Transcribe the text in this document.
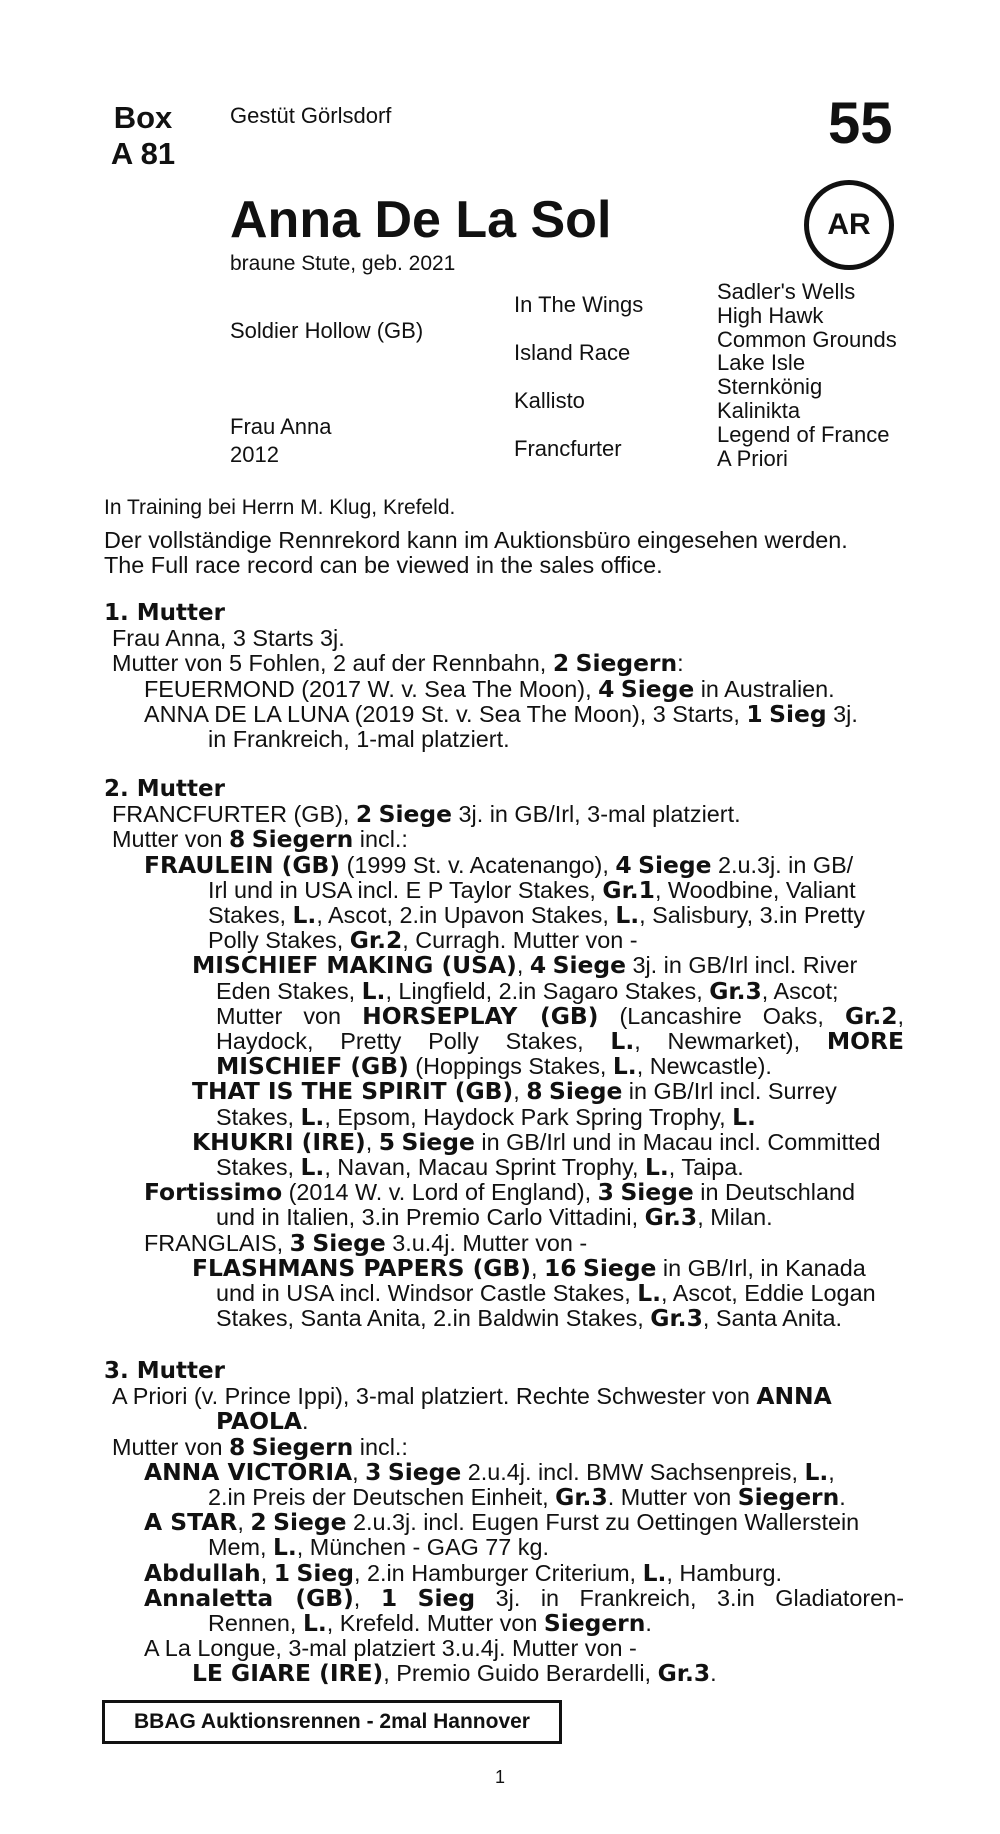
Box
A 81
Gestüt Görlsdorf	55
AR
Anna De La Sol
braune Stute, geb. 2021
Soldier Hollow (GB)
Frau Anna
2012
In The Wings
Island Race
Kallisto
Francfurter
Sadler's Wells
High Hawk
Common Grounds
Lake Isle
Sternkönig
Kalinikta
Legend of France
A Priori
In Training bei Herrn M. Klug, Krefeld.
Der vollständige Rennrekord kann im Auktionsbüro eingesehen werden.
The Full race record can be viewed in the sales office.
1. Mutter
Frau Anna, 3 Starts 3j.
Mutter von 5 Fohlen, 2 auf der Rennbahn, 2 Siegern:
FEUERMOND (2017 W. v. Sea The Moon), 4 Siege in Australien.
ANNA DE LA LUNA (2019 St. v. Sea The Moon), 3 Starts, 1 Sieg 3j.
in Frankreich, 1-mal platziert.
2. Mutter
FRANCFURTER (GB), 2 Siege 3j. in GB/Irl, 3-mal platziert.
Mutter von 8 Siegern incl.:
FRAULEIN (GB) (1999 St. v. Acatenango), 4 Siege 2.u.3j. in GB/
Irl und in USA incl. E P Taylor Stakes, Gr.1, Woodbine, Valiant
Stakes, L., Ascot, 2.in Upavon Stakes, L., Salisbury, 3.in Pretty
Polly Stakes, Gr.2, Curragh. Mutter von -
MISCHIEF MAKING (USA), 4 Siege 3j. in GB/Irl incl. River
Eden Stakes, L., Lingfield, 2.in Sagaro Stakes, Gr.3, Ascot;
Mutter von HORSEPLAY (GB) (Lancashire Oaks, Gr.2,
Haydock, Pretty Polly Stakes, L., Newmarket), MORE
MISCHIEF (GB) (Hoppings Stakes, L., Newcastle).
THAT IS THE SPIRIT (GB), 8 Siege in GB/Irl incl. Surrey
Stakes, L., Epsom, Haydock Park Spring Trophy, L.
KHUKRI (IRE), 5 Siege in GB/Irl und in Macau incl. Committed
Stakes, L., Navan, Macau Sprint Trophy, L., Taipa.
Fortissimo (2014 W. v. Lord of England), 3 Siege in Deutschland
und in Italien, 3.in Premio Carlo Vittadini, Gr.3, Milan.
FRANGLAIS, 3 Siege 3.u.4j. Mutter von -
FLASHMANS PAPERS (GB), 16 Siege in GB/Irl, in Kanada
und in USA incl. Windsor Castle Stakes, L., Ascot, Eddie Logan
Stakes, Santa Anita, 2.in Baldwin Stakes, Gr.3, Santa Anita.
3. Mutter
A Priori (v. Prince Ippi), 3-mal platziert. Rechte Schwester von ANNA
PAOLA.
Mutter von 8 Siegern incl.:
ANNA VICTORIA, 3 Siege 2.u.4j. incl. BMW Sachsenpreis, L.,
2.in Preis der Deutschen Einheit, Gr.3. Mutter von Siegern.
A STAR, 2 Siege 2.u.3j. incl. Eugen Furst zu Oettingen Wallerstein
Mem, L., München - GAG 77 kg.
Abdullah, 1 Sieg, 2.in Hamburger Criterium, L., Hamburg.
Annaletta (GB), 1 Sieg 3j. in Frankreich, 3.in Gladiatoren-
Rennen, L., Krefeld. Mutter von Siegern.
A La Longue, 3-mal platziert 3.u.4j. Mutter von -
LE GIARE (IRE), Premio Guido Berardelli, Gr.3.
BBAG Auktionsrennen - 2mal Hannover
1
